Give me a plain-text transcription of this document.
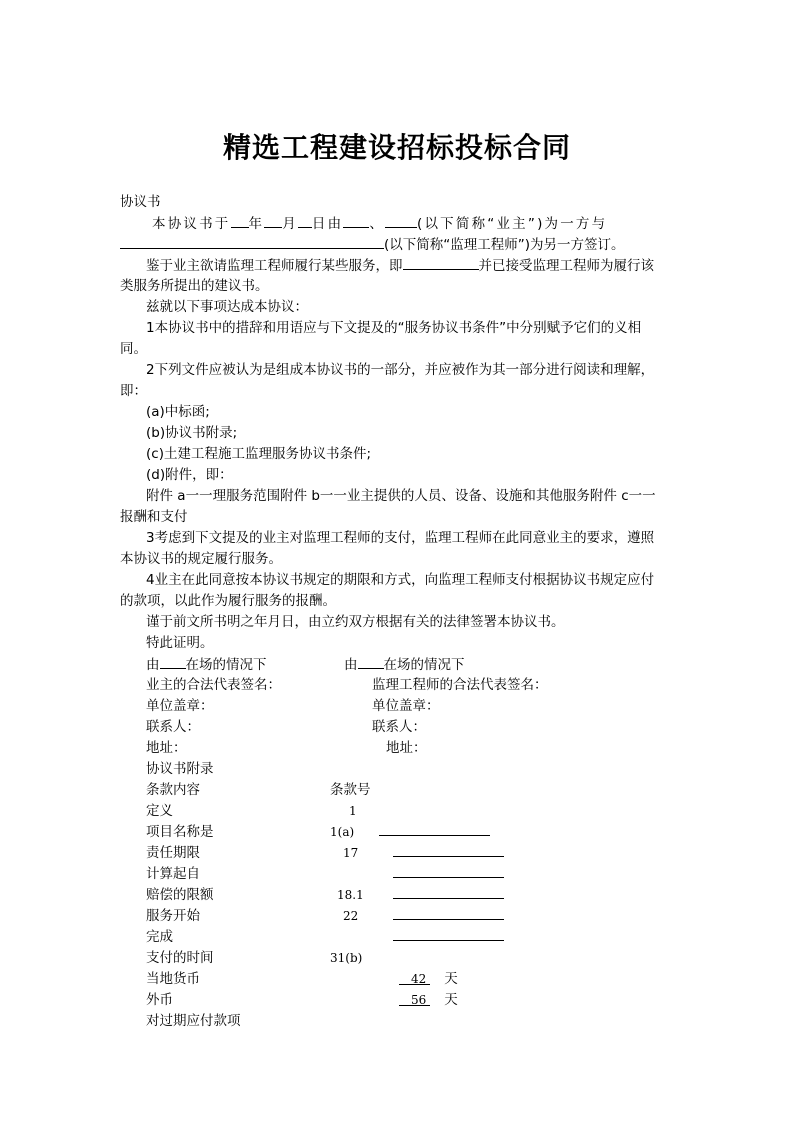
精选工程建设招标投标合同
协议书
本协议书于 年 月 日由 、 (以下简称“业主”)为一方与
(以下简称“监理工程师”)为另一方签订。
鉴于业主欲请监理工程师履行某些服务，即	并已接受监理工程师为履行该
类服务所提出的建议书。
兹就以下事项达成本协议：
1本协议书中的措辞和用语应与下文提及的“服务协议书条件”中分别赋予它们的义相
同。
2下列文件应被认为是组成本协议书的一部分，并应被作为其一部分进行阅读和理解，
即：
(a)中标函;
(b)协议书附录;
(c)土建工程施工监理服务协议书条件;
(d)附件，即：
附件 a一一理服务范围附件 b一一业主提供的人员、设备、设施和其他服务附件 c一一
报酬和支付
3考虑到下文提及的业主对监理工程师的支付，监理工程师在此同意业主的要求，遵照
本协议书的规定履行服务。
4业主在此同意按本协议书规定的期限和方式，向监理工程师支付根据协议书规定应付
的款项，以此作为履行服务的报酬。
谨于前文所书明之年月日，由立约双方根据有关的法律签署本协议书。
特此证明。
由 在场的情况下	由 在场的情况下
业主的合法代表签名：	监理工程师的合法代表签名：
单位盖章：	单位盖章：
联系人：	联系人：
地址：	地址：
协议书附录
条款内容	条款号
定义	1
项目名称是	1(a)
责任期限	17
计算起自
赔偿的限额	18.1
服务开始	22
完成
支付的时间	31(b)
当地货币	42 天
外币	56 天
对过期应付款项
